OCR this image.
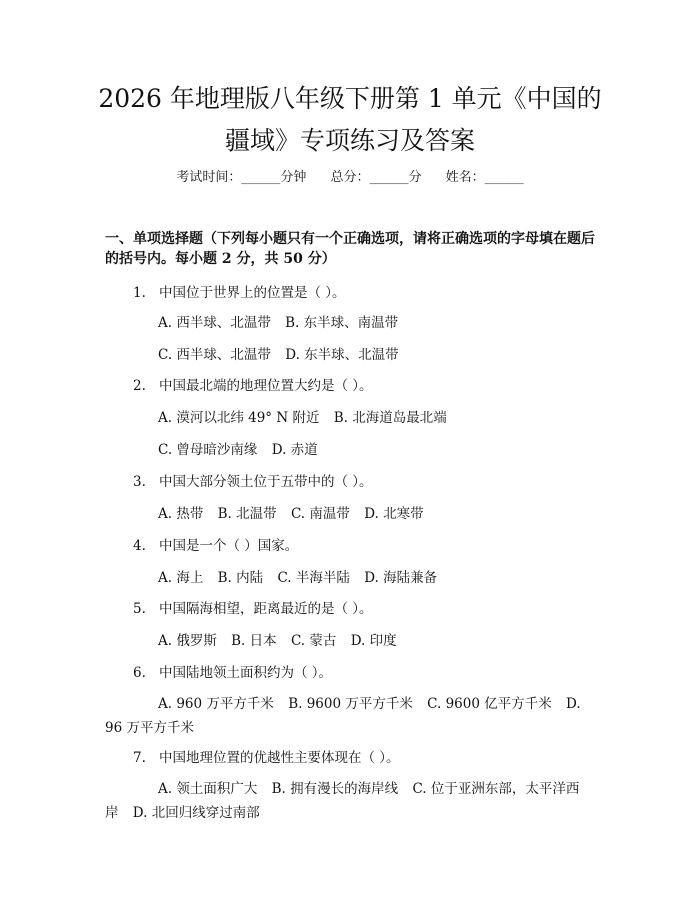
2026 年地理版八年级下册第 1 单元《中国的
疆域》专项练习及答案
考试时间：______分钟 总分：______分 姓名：______
一、单项选择题（下列每小题只有一个正确选项，请将正确选项的字母填在题后的括号内。每小题 2 分，共 50 分）
1. 中国位于世界上的位置是（ ）。
A. 西半球、北温带 B. 东半球、南温带
C. 西半球、北温带 D. 东半球、北温带
2. 中国最北端的地理位置大约是（ ）。
A. 漠河以北纬 49° N 附近 B. 北海道岛最北端
C. 曾母暗沙南缘 D. 赤道
3. 中国大部分领土位于五带中的（ ）。
A. 热带 B. 北温带 C. 南温带 D. 北寒带
4. 中国是一个（ ）国家。
A. 海上 B. 内陆 C. 半海半陆 D. 海陆兼备
5. 中国隔海相望，距离最近的是（ ）。
A. 俄罗斯 B. 日本 C. 蒙古 D. 印度
6. 中国陆地领土面积约为（ ）。
A. 960 万平方千米 B. 9600 万平方千米 C. 9600 亿平方千米 D. 96 万平方千米
7. 中国地理位置的优越性主要体现在（ ）。
A. 领土面积广大 B. 拥有漫长的海岸线 C. 位于亚洲东部，太平洋西岸 D. 北回归线穿过南部
